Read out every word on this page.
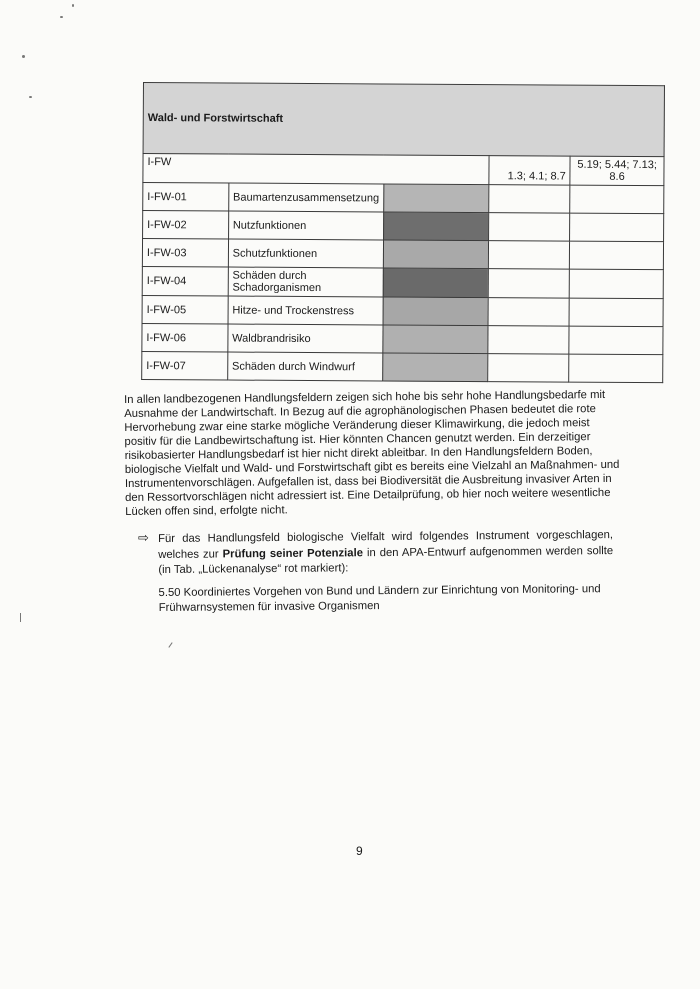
Wald- und Forstwirtschaft				
I-FW			1.3; 4.1; 8.7	5.19; 5.44; 7.13; 8.6
I-FW-01	Baumartenzusammensetzung			
I-FW-02	Nutzfunktionen			
I-FW-03	Schutzfunktionen			
I-FW-04	Schäden durch Schadorganismen			
I-FW-05	Hitze- und Trockenstress			
I-FW-06	Waldbrandrisiko			
I-FW-07	Schäden durch Windwurf			

In allen landbezogenen Handlungsfeldern zeigen sich hohe bis sehr hohe Handlungsbedarfe mit Ausnahme der Landwirtschaft. In Bezug auf die agrophänologischen Phasen bedeutet die rote Hervorhebung zwar eine starke mögliche Veränderung dieser Klimawirkung, die jedoch meist positiv für die Landbewirtschaftung ist. Hier könnten Chancen genutzt werden. Ein derzeitiger risikobasierter Handlungsbedarf ist hier nicht direkt ableitbar. In den Handlungsfeldern Boden, biologische Vielfalt und Wald- und Forstwirtschaft gibt es bereits eine Vielzahl an Maßnahmen- und Instrumentenvorschlägen. Aufgefallen ist, dass bei Biodiversität die Ausbreitung invasiver Arten in den Ressortvorschlägen nicht adressiert ist. Eine Detailprüfung, ob hier noch weitere wesentliche Lücken offen sind, erfolgte nicht.

⇨ Für das Handlungsfeld biologische Vielfalt wird folgendes Instrument vorgeschlagen, welches zur Prüfung seiner Potenziale in den APA-Entwurf aufgenommen werden sollte (in Tab. „Lückenanalyse“ rot markiert):
5.50 Koordiniertes Vorgehen von Bund und Ländern zur Einrichtung von Monitoring- und Frühwarnsystemen für invasive Organismen
9
